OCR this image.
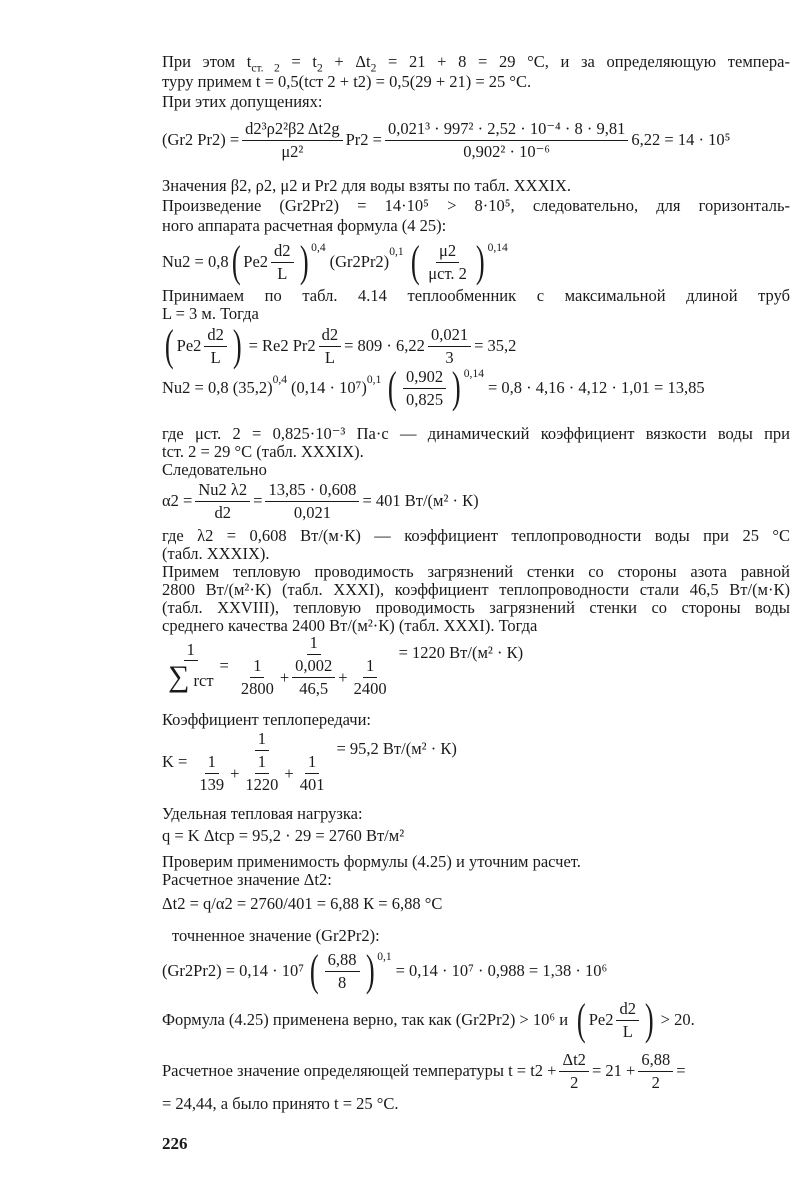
При этом $t_{ст. 2} = t_2 + \Delta t_2 = 21 + 8 = 29$ °С, и за определяющую темпера-
туру примем t = 0,5(tст 2 + t2) = 0,5(29 + 21) = 25 °С.
При этих допущениях:
(Gr2 $Pr2) = \frac{\text{d2³ρ2²β2 Δt2g}}{\text{μ2²}} Pr2 = \frac{\text{0,021³ · 997² · 2,52 · 10⁻⁴ · 8 · 9,81}}{\text{0,902² · 10⁻⁶}} 6,22 = 14 \cdot 10^5$
Значения β2, ρ2, μ2 и Pr2 для воды взяты по табл. XXXIX.
Произведение (Gr2Pr2) = 14·10⁵ > 8·10⁵, следовательно, для горизонталь-
ного аппарата расчетная формула (4 25):
Nu2 = 0,8 ( $Pe2 \frac{d2}{L}$ ) $^{0,4}$
(Gr2Pr2)
$^{0,1}$ ( $\frac{\mu 2}{\text{μст. 2}}$ ) $^{0,14}$
Принимаем по табл. 4.14 теплообменник с максимальной длиной труб
L = 3 м. Тогда
( $Pe2 \frac{d2}{L}$ ) = Re2 $Pr2 \frac{d2}{L} = 809 \cdot 6,22 \frac{0,021}{3} = 35,2$
Nu2 = 0,8 $(35,2)^{0,4}$ $(0,14 \cdot 10^7)^{0,1}$ ( $\frac{0,902}{0,825}$ ) $^{0,14}$
= 0,8 · 4,16 · 4,12 · 1,01 = 13,85
где μст. 2 = 0,825·10⁻³ Па·с — динамический коэффициент вязкости воды при
tст. 2 = 29 °С (табл. XXXIX).
Следовательно
$\alpha 2 = \frac{Nu2 \lambda 2}{d2} = \frac{13,85 \cdot 0,608}{0,021} = 401$ Вт/(м² · К)
где λ2 = 0,608 Вт/(м·К) — коэффициент теплопроводности воды при 25 °С
(табл. XXXIX).
Примем тепловую проводимость загрязнений стенки со стороны азота равной
2800 Вт/(м²·К) (табл. XXXI), коэффициент теплопроводности стали 46,5 Вт/(м·К)
(табл. XXVIII), тепловую проводимость загрязнений стенки со стороны воды
среднего качества 2400 Вт/(м²·К) (табл. XXXI). Тогда
$\frac{1}{\text{∑ rст}} = \frac{1}{\frac{1}{2800} + \frac{0,002}{46,5} + \frac{1}{2400}} = 1220$ Вт/(м² · К)
Коэффициент теплопередачи:
$K = \frac{1}{\frac{1}{139} + \frac{1}{1220} + \frac{1}{401}} = 95,2$ Вт/(м² · К)
Удельная тепловая нагрузка:
q = K Δtср = 95,2 · 29 = 2760 Вт/м²
Проверим применимость формулы (4.25) и уточним расчет.
Расчетное значение Δt2:
Δt2 = q/α2 = 2760/401 = 6,88 К = 6,88 °С
точненное значение (Gr2Pr2):
(Gr2Pr2) = 0,14 · 10⁷ ( $\frac{6,88}{8}$ ) $^{0,1}$
= 0,14 · 10⁷ · 0,988 = 1,38 · 10⁶
Формула (4.25) применена верно, так как (Gr2Pr2) > 10⁶ и ( $Pe2 \frac{d2}{L}$ ) > 20.
Расчетное значение определяющей температуры $t = t2 + \frac{\Delta t2}{2} = 21 + \frac{6,88}{2}$ =
= 24,44, а было принято t = 25 °С.
226
